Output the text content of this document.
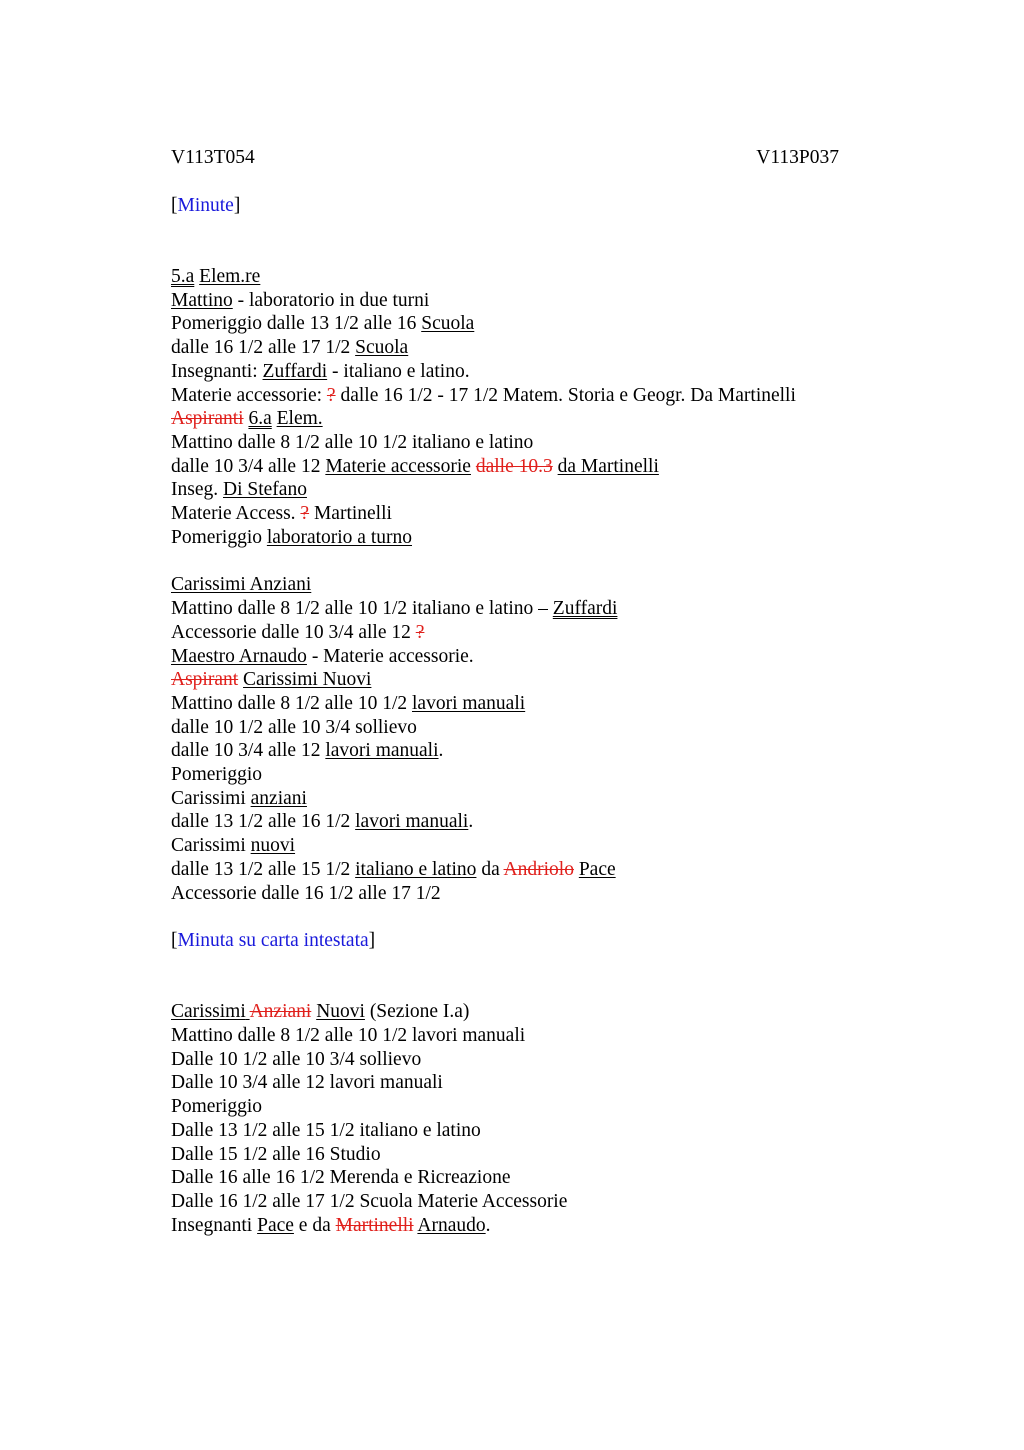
V113T054	V113P037
[Minute]
5.a Elem.re
Mattino - laboratorio in due turni
Pomeriggio dalle 13 1/2 alle 16 Scuola
dalle 16 1/2 alle 17 1/2 Scuola
Insegnanti: Zuffardi - italiano e latino.
Materie accessorie: ? dalle 16 1/2 - 17 1/2 Matem. Storia e Geogr. Da Martinelli
Aspiranti 6.a Elem.
Mattino dalle 8 1/2 alle 10 1/2 italiano e latino
dalle 10 3/4 alle 12 Materie accessorie dalle 10.3 da Martinelli
Inseg. Di Stefano
Materie Access. ? Martinelli
Pomeriggio laboratorio a turno
Carissimi Anziani
Mattino dalle 8 1/2 alle 10 1/2 italiano e latino – Zuffardi
Accessorie dalle 10 3/4 alle 12 ?
Maestro Arnaudo - Materie accessorie.
Aspirant Carissimi Nuovi
Mattino dalle 8 1/2 alle 10 1/2 lavori manuali
dalle 10 1/2 alle 10 3/4 sollievo
dalle 10 3/4 alle 12 lavori manuali.
Pomeriggio
Carissimi anziani
dalle 13 1/2 alle 16 1/2 lavori manuali.
Carissimi nuovi
dalle 13 1/2 alle 15 1/2 italiano e latino da Andriolo Pace
Accessorie dalle 16 1/2 alle 17 1/2
[Minuta su carta intestata]
Carissimi Anziani Nuovi (Sezione I.a)
Mattino dalle 8 1/2 alle 10 1/2 lavori manuali
Dalle 10 1/2 alle 10 3/4 sollievo
Dalle 10 3/4 alle 12 lavori manuali
Pomeriggio
Dalle 13 1/2 alle 15 1/2 italiano e latino
Dalle 15 1/2 alle 16 Studio
Dalle 16 alle 16 1/2 Merenda e Ricreazione
Dalle 16 1/2 alle 17 1/2 Scuola Materie Accessorie
Insegnanti Pace e da Martinelli Arnaudo.
